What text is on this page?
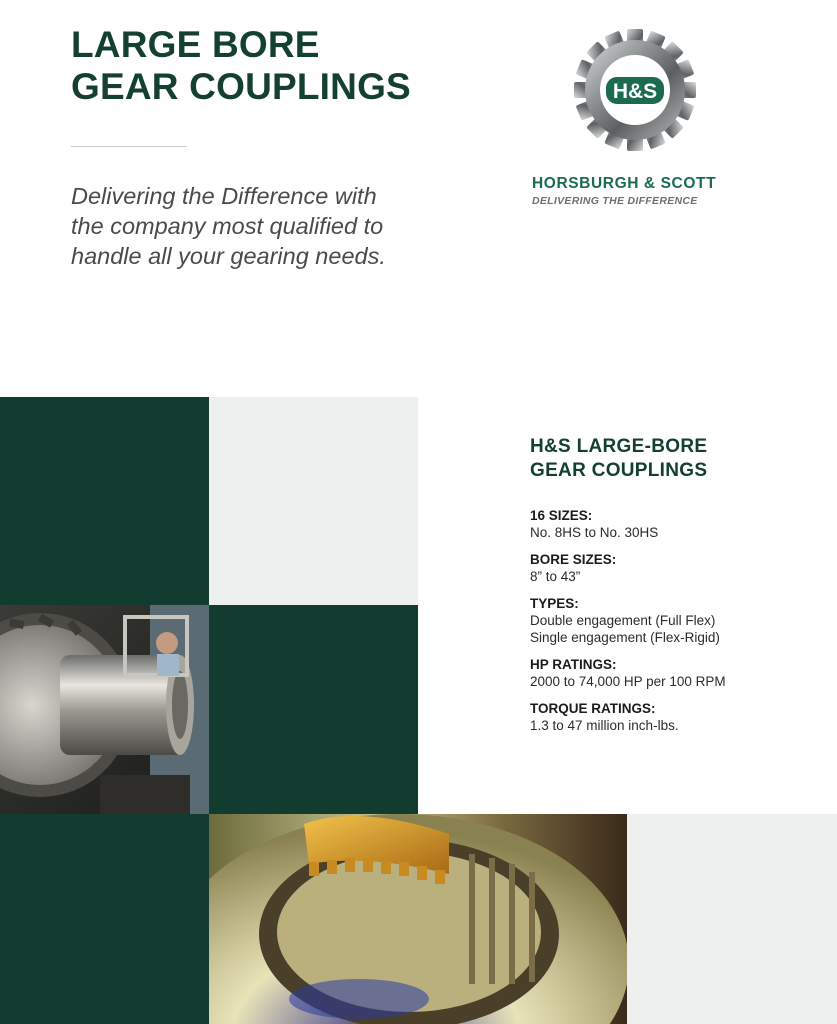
LARGE BORE
GEAR COUPLINGS

Delivering the Difference with
the company most qualified to
handle all your gearing needs.

H&S
HORSBURGH & SCOTT
DELIVERING THE DIFFERENCE
H&S LARGE-BORE
GEAR COUPLINGS
16 SIZES:
No. 8HS to No. 30HS
BORE SIZES:
8” to 43”
TYPES:
Double engagement (Full Flex)
Single engagement (Flex-Rigid)
HP RATINGS:
2000 to 74,000 HP per 100 RPM
TORQUE RATINGS:
1.3 to 47 million inch-lbs.
